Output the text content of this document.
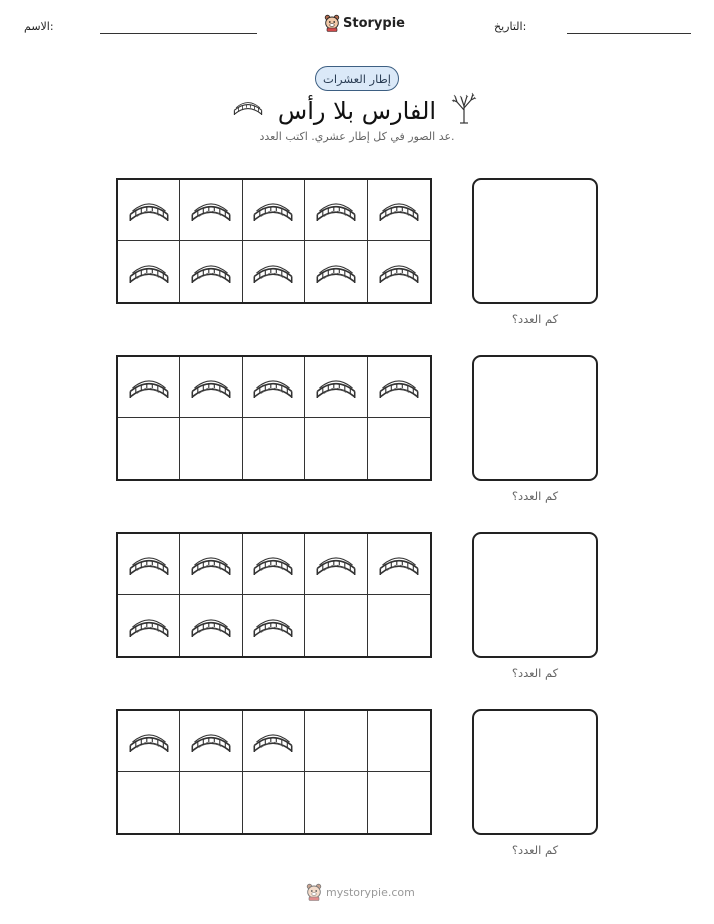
الاسم:	Storypie	التاريخ:
إطار العشرات
الفارس بلا رأس
عد الصور في كل إطار عشري. اكتب العدد.
كم العدد؟
كم العدد؟
كم العدد؟
كم العدد؟
mystorypie.com
